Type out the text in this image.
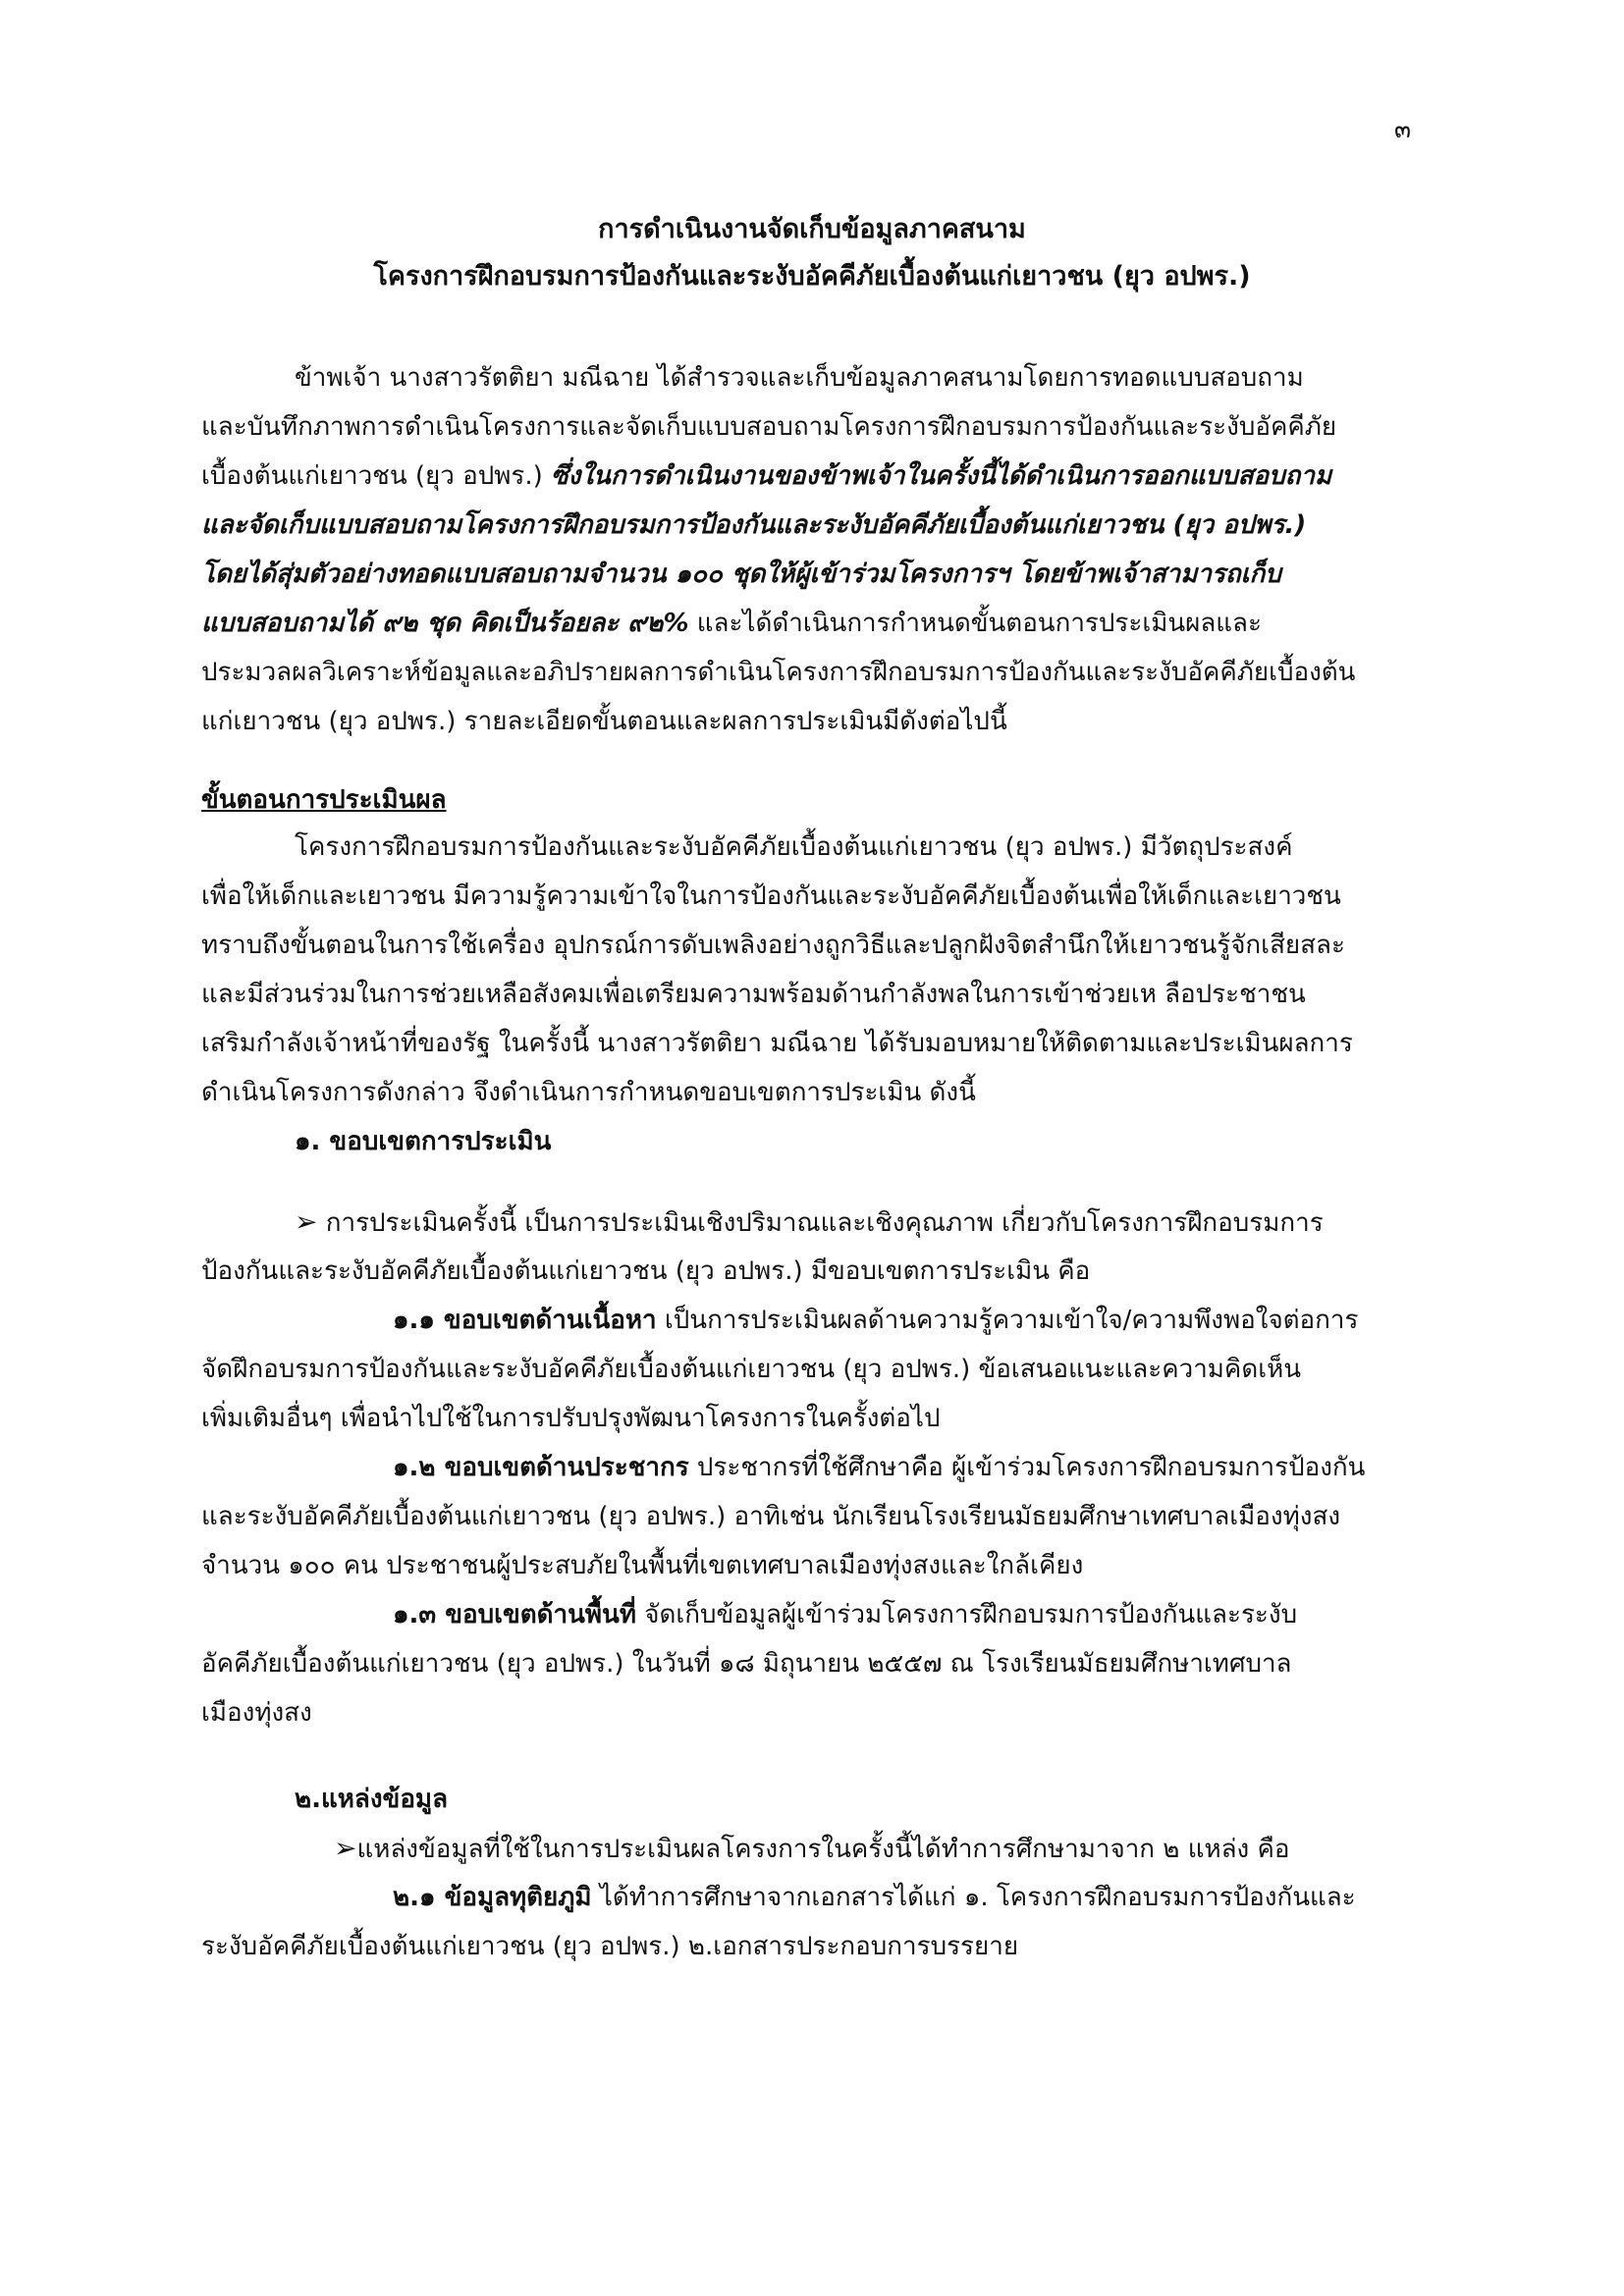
๓
การดำเนินงานจัดเก็บข้อมูลภาคสนาม
โครงการฝึกอบรมการป้องกันและระงับอัคคีภัยเบื้องต้นแก่เยาวชน (ยุว อปพร.)
ข้าพเจ้า นางสาวรัตติยา มณีฉาย ได้สำรวจและเก็บข้อมูลภาคสนามโดยการทอดแบบสอบถาม
และบันทึกภาพการดำเนินโครงการและจัดเก็บแบบสอบถามโครงการฝึกอบรมการป้องกันและระงับอัคคีภัย
เบื้องต้นแก่เยาวชน (ยุว อปพร.) ซึ่งในการดำเนินงานของข้าพเจ้าในครั้งนี้ได้ดำเนินการออกแบบสอบถาม
และจัดเก็บแบบสอบถามโครงการฝึกอบรมการป้องกันและระงับอัคคีภัยเบื้องต้นแก่เยาวชน (ยุว อปพร.)
โดยได้สุ่มตัวอย่างทอดแบบสอบถามจำนวน ๑๐๐ ชุดให้ผู้เข้าร่วมโครงการฯ โดยข้าพเจ้าสามารถเก็บ
แบบสอบถามได้ ๙๒ ชุด คิดเป็นร้อยละ ๙๒% และได้ดำเนินการกำหนดขั้นตอนการประเมินผลและ
ประมวลผลวิเคราะห์ข้อมูลและอภิปรายผลการดำเนินโครงการฝึกอบรมการป้องกันและระงับอัคคีภัยเบื้องต้น
แก่เยาวชน (ยุว อปพร.) รายละเอียดขั้นตอนและผลการประเมินมีดังต่อไปนี้
ขั้นตอนการประเมินผล
โครงการฝึกอบรมการป้องกันและระงับอัคคีภัยเบื้องต้นแก่เยาวชน (ยุว อปพร.) มีวัตถุประสงค์
เพื่อให้เด็กและเยาวชน มีความรู้ความเข้าใจในการป้องกันและระงับอัคคีภัยเบื้องต้นเพื่อให้เด็กและเยาวชน
ทราบถึงขั้นตอนในการใช้เครื่อง อุปกรณ์การดับเพลิงอย่างถูกวิธีและปลูกฝังจิตสำนึกให้เยาวชนรู้จักเสียสละ
และมีส่วนร่วมในการช่วยเหลือสังคมเพื่อเตรียมความพร้อมด้านกำลังพลในการเข้าช่วยเห ลือประชาชน
เสริมกำลังเจ้าหน้าที่ของรัฐ ในครั้งนี้ นางสาวรัตติยา มณีฉาย ได้รับมอบหมายให้ติดตามและประเมินผลการ
ดำเนินโครงการดังกล่าว จึงดำเนินการกำหนดขอบเขตการประเมิน ดังนี้
๑. ขอบเขตการประเมิน
➢ การประเมินครั้งนี้ เป็นการประเมินเชิงปริมาณและเชิงคุณภาพ เกี่ยวกับโครงการฝึกอบรมการ
ป้องกันและระงับอัคคีภัยเบื้องต้นแก่เยาวชน (ยุว อปพร.) มีขอบเขตการประเมิน คือ
๑.๑ ขอบเขตด้านเนื้อหา เป็นการประเมินผลด้านความรู้ความเข้าใจ/ความพึงพอใจต่อการ
จัดฝึกอบรมการป้องกันและระงับอัคคีภัยเบื้องต้นแก่เยาวชน (ยุว อปพร.) ข้อเสนอแนะและความคิดเห็น
เพิ่มเติมอื่นๆ เพื่อนำไปใช้ในการปรับปรุงพัฒนาโครงการในครั้งต่อไป
๑.๒ ขอบเขตด้านประชากร ประชากรที่ใช้ศึกษาคือ ผู้เข้าร่วมโครงการฝึกอบรมการป้องกัน
และระงับอัคคีภัยเบื้องต้นแก่เยาวชน (ยุว อปพร.) อาทิเช่น นักเรียนโรงเรียนมัธยมศึกษาเทศบาลเมืองทุ่งสง
จำนวน ๑๐๐ คน ประชาชนผู้ประสบภัยในพื้นที่เขตเทศบาลเมืองทุ่งสงและใกล้เคียง
๑.๓ ขอบเขตด้านพื้นที่ จัดเก็บข้อมูลผู้เข้าร่วมโครงการฝึกอบรมการป้องกันและระงับ
อัคคีภัยเบื้องต้นแก่เยาวชน (ยุว อปพร.) ในวันที่ ๑๘ มิถุนายน ๒๕๕๗ ณ โรงเรียนมัธยมศึกษาเทศบาล
เมืองทุ่งสง
๒.แหล่งข้อมูล
➢แหล่งข้อมูลที่ใช้ในการประเมินผลโครงการในครั้งนี้ได้ทำการศึกษามาจาก ๒ แหล่ง คือ
๒.๑ ข้อมูลทุติยภูมิ ได้ทำการศึกษาจากเอกสารได้แก่ ๑. โครงการฝึกอบรมการป้องกันและ
ระงับอัคคีภัยเบื้องต้นแก่เยาวชน (ยุว อปพร.) ๒.เอกสารประกอบการบรรยาย
